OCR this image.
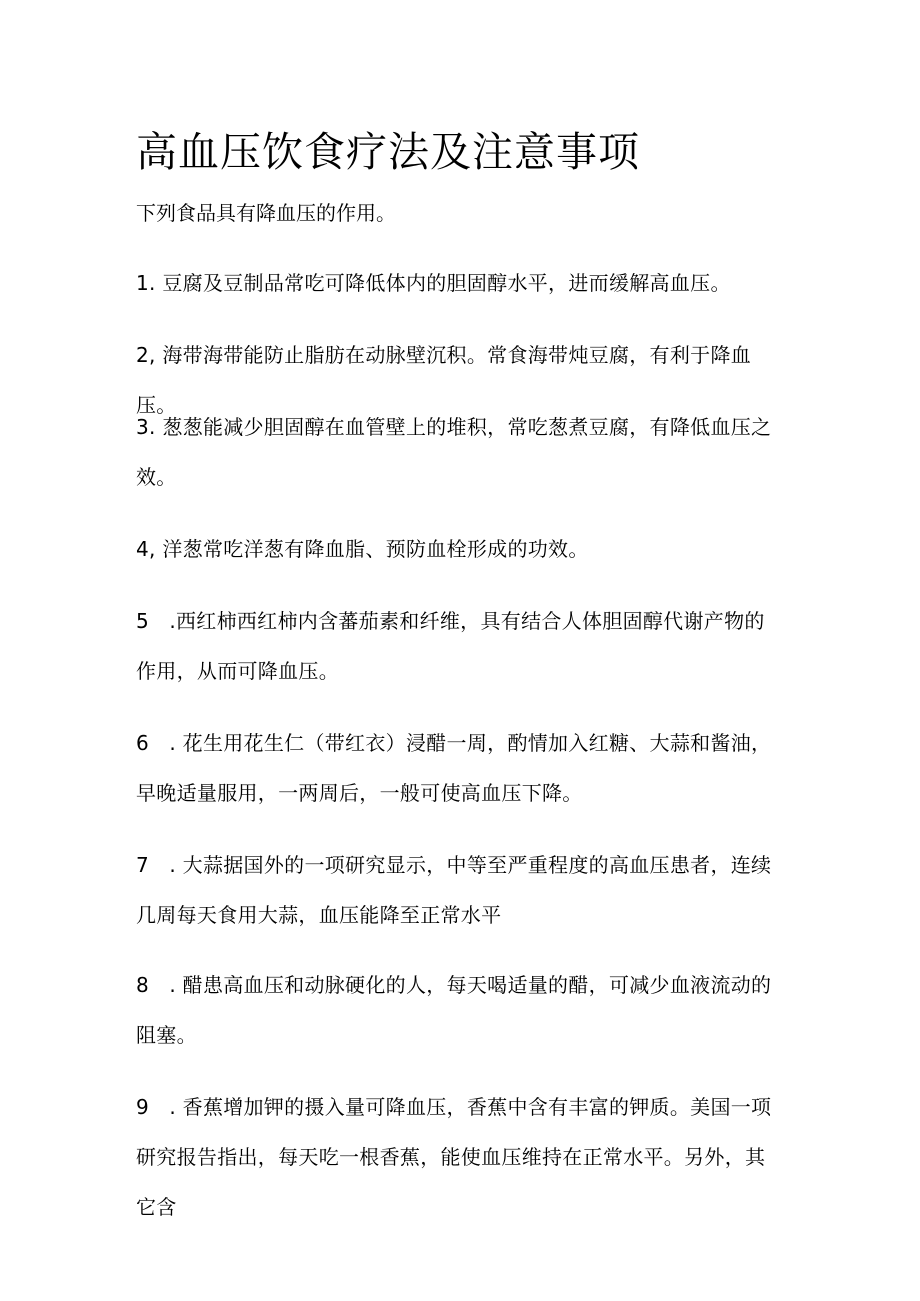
高血压饮食疗法及注意事项
下列食品具有降血压的作用。
1. 豆腐及豆制品常吃可降低体内的胆固醇水平，进而缓解高血压。
2, 海带海带能防止脂肪在动脉壁沉积。常食海带炖豆腐，有利于降血压。
3. 葱葱能减少胆固醇在血管壁上的堆积，常吃葱煮豆腐，有降低血压之效。
4, 洋葱常吃洋葱有降血脂、预防血栓形成的功效。
5　.西红柿西红柿内含蕃茄素和纤维，具有结合人体胆固醇代谢产物的作用，从而可降血压。
6　. 花生用花生仁（带红衣）浸醋一周，酌情加入红糖、大蒜和酱油，早晚适量服用，一两周后，一般可使高血压下降。
7　. 大蒜据国外的一项研究显示，中等至严重程度的高血压患者，连续几周每天食用大蒜，血压能降至正常水平
8　. 醋患高血压和动脉硬化的人，每天喝适量的醋，可减少血液流动的阻塞。
9　. 香蕉增加钾的摄入量可降血压，香蕉中含有丰富的钾质。美国一项研究报告指出，每天吃一根香蕉，能使血压维持在正常水平。另外，其它含
